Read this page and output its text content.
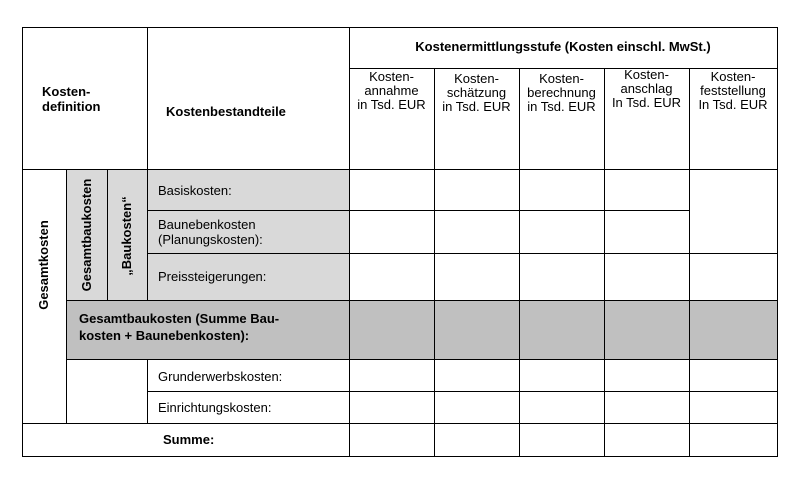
Kostenermittlungsstufe (Kosten einschl. MwSt.)
Kosten-
definition	Kostenbestandteile
Kosten-
annahme
in Tsd. EUR
Kosten-
schätzung
in Tsd. EUR
Kosten-
berechnung
in Tsd. EUR
Kosten-
anschlag
In Tsd. EUR
Kosten-
feststellung
In Tsd. EUR
Gesamtkosten Gesamtbaukosten „Baukosten“
Basiskosten:
Baunebenkosten
(Planungskosten):
Preissteigerungen:
Gesamtbaukosten (Summe Bau-
kosten + Baunebenkosten):
Grunderwerbskosten:
Einrichtungskosten:
Summe:
